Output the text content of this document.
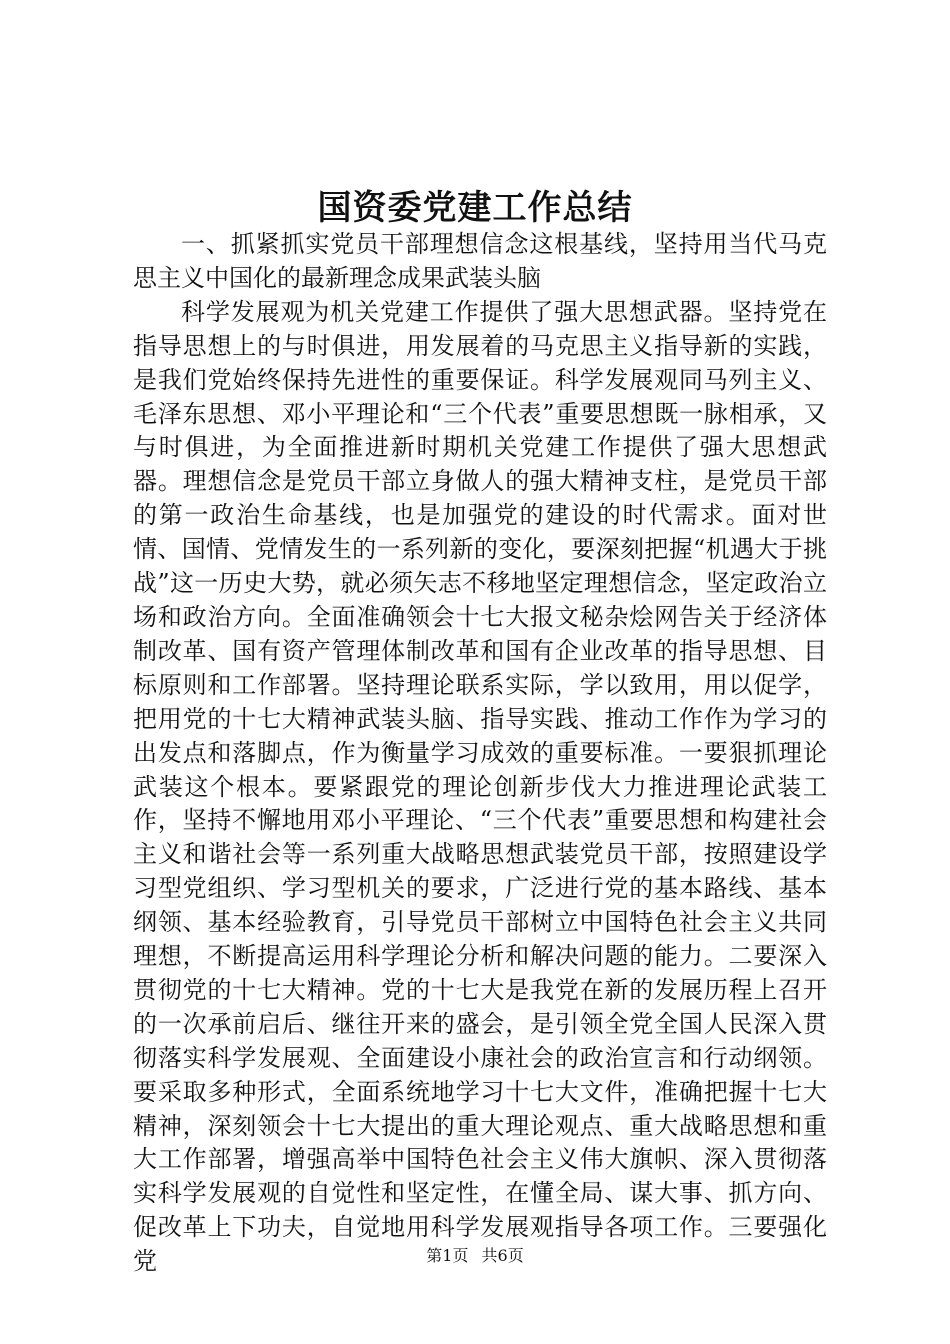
国资委党建工作总结

一、抓紧抓实党员干部理想信念这根基线，坚持用当代马克思主义中国化的最新理念成果武装头脑

科学发展观为机关党建工作提供了强大思想武器。坚持党在指导思想上的与时俱进，用发展着的马克思主义指导新的实践，是我们党始终保持先进性的重要保证。科学发展观同马列主义、毛泽东思想、邓小平理论和“三个代表”重要思想既一脉相承，又与时俱进，为全面推进新时期机关党建工作提供了强大思想武器。理想信念是党员干部立身做人的强大精神支柱，是党员干部的第一政治生命基线，也是加强党的建设的时代需求。面对世情、国情、党情发生的一系列新的变化，要深刻把握“机遇大于挑战”这一历史大势，就必须矢志不移地坚定理想信念，坚定政治立场和政治方向。全面准确领会十七大报文秘杂烩网告关于经济体制改革、国有资产管理体制改革和国有企业改革的指导思想、目标原则和工作部署。坚持理论联系实际，学以致用，用以促学，把用党的十七大精神武装头脑、指导实践、推动工作作为学习的出发点和落脚点，作为衡量学习成效的重要标准。一要狠抓理论武装这个根本。要紧跟党的理论创新步伐大力推进理论武装工作，坚持不懈地用邓小平理论、“三个代表”重要思想和构建社会主义和谐社会等一系列重大战略思想武装党员干部，按照建设学习型党组织、学习型机关的要求，广泛进行党的基本路线、基本纲领、基本经验教育，引导党员干部树立中国特色社会主义共同理想，不断提高运用科学理论分析和解决问题的能力。二要深入贯彻党的十七大精神。党的十七大是我党在新的发展历程上召开的一次承前启后、继往开来的盛会，是引领全党全国人民深入贯彻落实科学发展观、全面建设小康社会的政治宣言和行动纲领。要采取多种形式，全面系统地学习十七大文件，准确把握十七大精神，深刻领会十七大提出的重大理论观点、重大战略思想和重大工作部署，增强高举中国特色社会主义伟大旗帜、深入贯彻落实科学发展观的自觉性和坚定性，在懂全局、谋大事、抓方向、促改革上下功夫，自觉地用科学发展观指导各项工作。三要强化党	第1页 共6页
